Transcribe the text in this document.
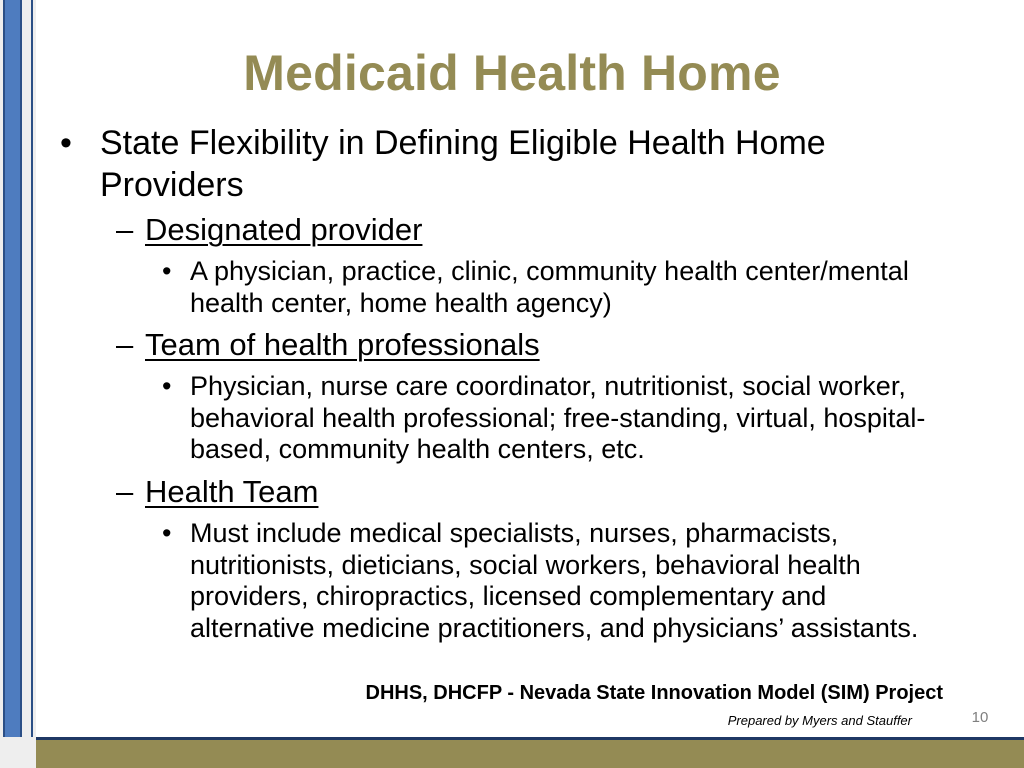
Medicaid Health Home
• State Flexibility in Defining Eligible Health Home Providers
– Designated provider
• A physician, practice, clinic, community health center/mental health center, home health agency)
– Team of health professionals
• Physician, nurse care coordinator, nutritionist, social worker, behavioral health professional; free-standing, virtual, hospital-based, community health centers, etc.
– Health Team
• Must include medical specialists, nurses, pharmacists, nutritionists, dieticians, social workers, behavioral health providers, chiropractics, licensed complementary and alternative medicine practitioners, and physicians’ assistants.
DHHS, DHCFP - Nevada State Innovation Model (SIM) Project
Prepared by Myers and Stauffer	10
